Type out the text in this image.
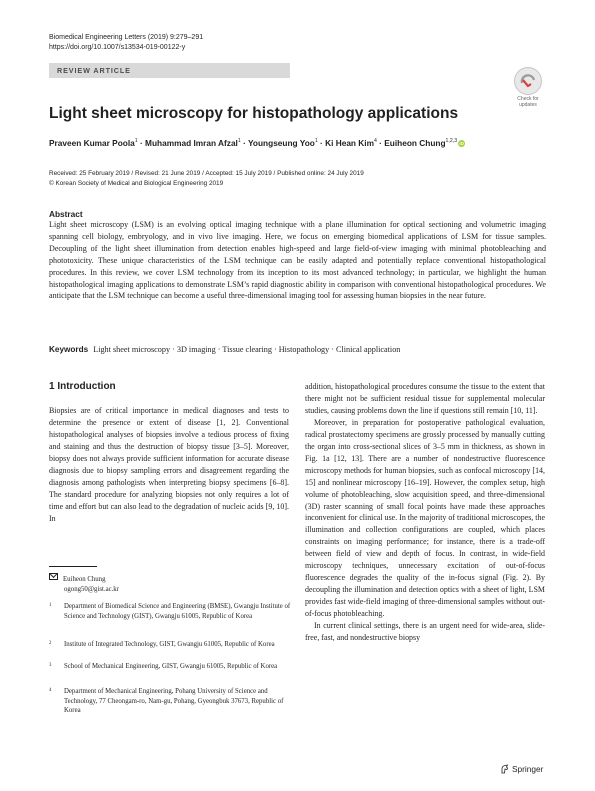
Biomedical Engineering Letters (2019) 9:279–291
https://doi.org/10.1007/s13534-019-00122-y
REVIEW ARTICLE
Check for updates
Light sheet microscopy for histopathology applications
Praveen Kumar Poola$^1$ · Muhammad Imran Afzal$^1$ · Youngseung Yoo$^1$ · Ki Hean Kim$^4$ · Euiheon Chung$^{1,2,3}$ iD
Received: 25 February 2019 / Revised: 21 June 2019 / Accepted: 15 July 2019 / Published online: 24 July 2019
© Korean Society of Medical and Biological Engineering 2019
Abstract

Light sheet microscopy (LSM) is an evolving optical imaging technique with a plane illumination for optical sectioning and volumetric imaging spanning cell biology, embryology, and in vivo live imaging. Here, we focus on emerging biomedical applications of LSM for tissue samples. Decoupling of the light sheet illumination from detection enables high-speed and large field-of-view imaging with minimal photobleaching and phototoxicity. These unique characteristics of the LSM technique can be easily adapted and potentially replace conventional histopathological procedures. In this review, we cover LSM technology from its inception to its most advanced technology; in particular, we highlight the human histopathological imaging applications to demonstrate LSM’s rapid diagnostic ability in comparison with conventional histopathological procedures. We anticipate that the LSM technique can become a useful three-dimensional imaging tool for assessing human biopsies in the near future.

Keywords Light sheet microscopy · 3D imaging · Tissue clearing · Histopathology · Clinical application
1 Introduction

Biopsies are of critical importance in medical diagnoses and tests to determine the presence or extent of disease [1, 2]. Conventional histopathological analyses of biopsies involve a tedious process of fixing and staining and thus the destruction of biopsy tissue [3–5]. Moreover, biopsy does not always provide sufficient information for accurate disease diagnosis due to biopsy sampling errors and disagreement regarding the diagnosis among pathologists when interpreting biopsy specimens [6–8]. The standard procedure for analyzing biopsies not only requires a lot of time and effort but can also lead to the degradation of nucleic acids [9, 10]. In

addition, histopathological procedures consume the tissue to the extent that there might not be sufficient residual tissue for supplemental molecular studies, causing problems down the line if questions still remain [10, 11].

Moreover, in preparation for postoperative pathological evaluation, radical prostatectomy specimens are grossly processed by manually cutting the organ into cross-sectional slices of 3–5 mm in thickness, as shown in Fig. 1a [12, 13]. There are a number of nondestructive fluorescence microscopy methods for human biopsies, such as confocal microscopy [14, 15] and nonlinear microscopy [16–19]. However, the complex setup, high volume of photobleaching, slow acquisition speed, and three-dimensional (3D) raster scanning of small focal points have made these approaches inconvenient for clinical use. In the majority of traditional microscopes, the illumination and collection configurations are coupled, which places constraints on imaging performance; for instance, there is a trade-off between field of view and depth of focus. In contrast, in wide-field microscopy techniques, unnecessary excitation of out-of-focus fluorescence degrades the quality of the in-focus signal (Fig. 2). By decoupling the illumination and detection optics with a sheet of light, LSM provides fast wide-field imaging of three-dimensional samples without out-of-focus photobleaching.

In current clinical settings, there is an urgent need for wide-area, slide-free, fast, and nondestructive biopsy

Euiheon Chung
ogong50@gist.ac.kr
1 Department of Biomedical Science and Engineering (BMSE), Gwangju Institute of Science and Technology (GIST), Gwangju 61005, Republic of Korea
2 Institute of Integrated Technology, GIST, Gwangju 61005, Republic of Korea
3 School of Mechanical Engineering, GIST, Gwangju 61005, Republic of Korea
4 Department of Mechanical Engineering, Pohang University of Science and Technology, 77 Cheongam-ro, Nam-gu, Pohang, Gyeongbuk 37673, Republic of Korea
Springer
